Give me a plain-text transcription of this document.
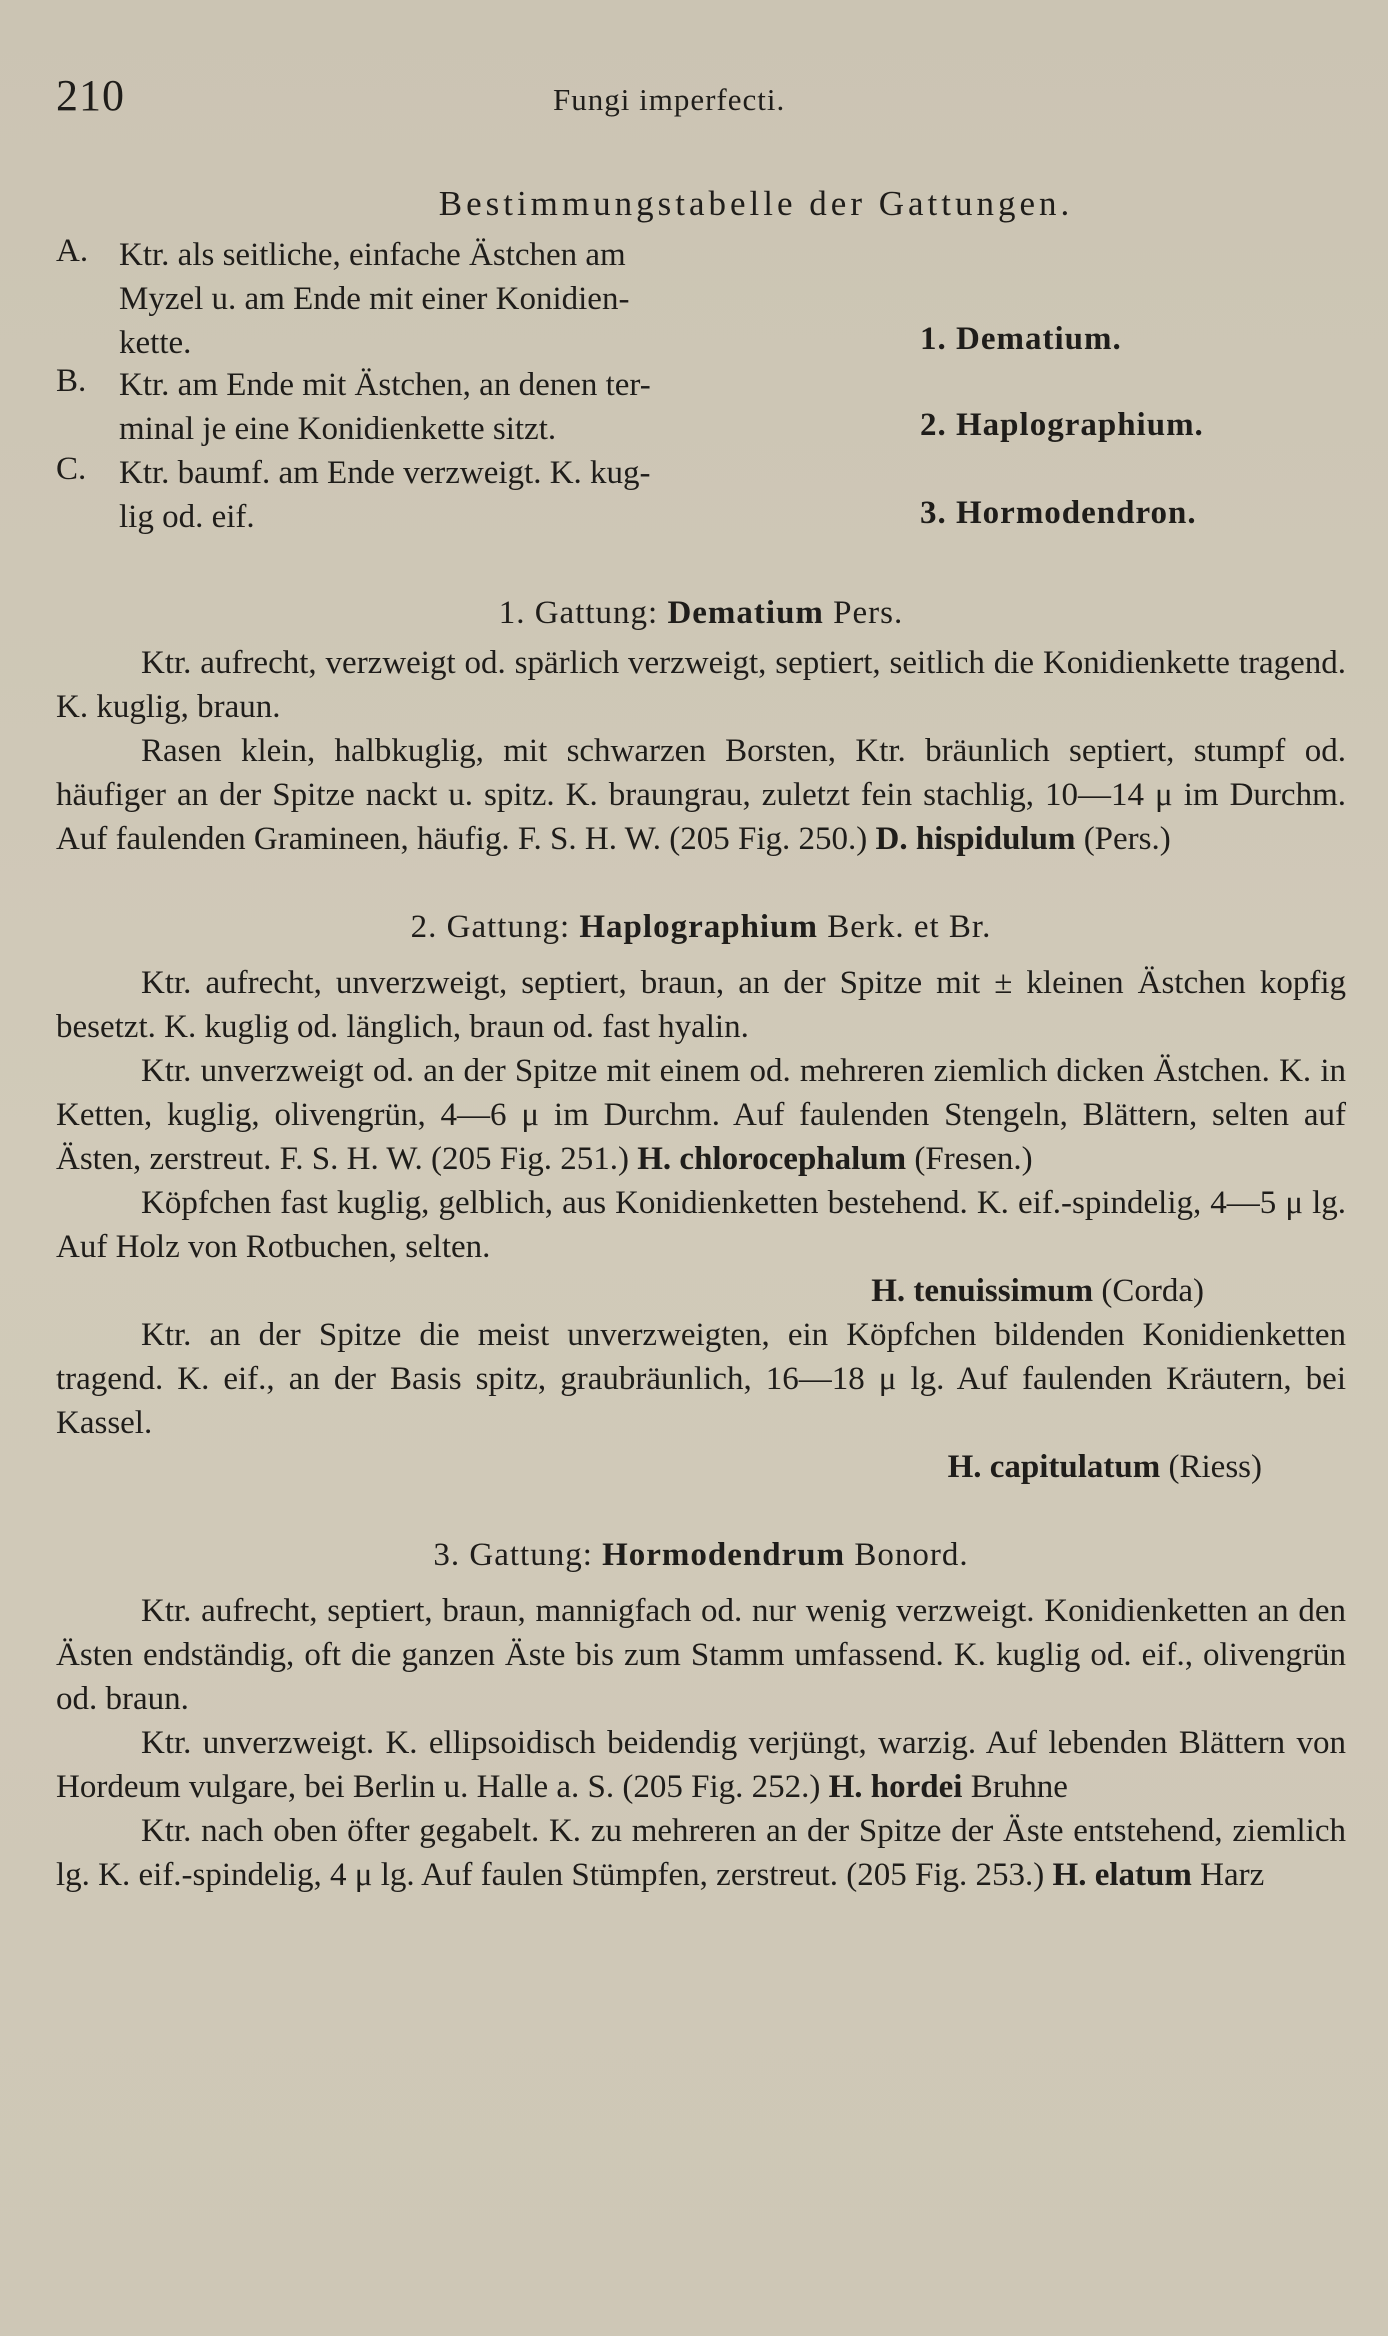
210	Fungi imperfecti.
Bestimmungstabelle der Gattungen.
A. Ktr. als seitliche, einfache Ästchen am
Myzel u. am Ende mit einer Konidien-
kette.	1. Dematium.
B. Ktr. am Ende mit Ästchen, an denen ter-
minal je eine Konidienkette sitzt.	2. Haplographium.
C. Ktr. baumf. am Ende verzweigt. K. kug-
lig od. eif.	3. Hormodendron.
1. Gattung: Dematium Pers.

Ktr. aufrecht, verzweigt od. spärlich verzweigt, septiert, seitlich die Konidienkette tragend. K. kuglig, braun.

Rasen klein, halbkuglig, mit schwarzen Borsten, Ktr. bräunlich septiert, stumpf od. häufiger an der Spitze nackt u. spitz. K. braungrau, zuletzt fein stachlig, 10—14 μ im Durchm. Auf faulenden Gramineen, häufig. F. S. H. W. (205 Fig. 250.) D. hispidulum (Pers.)

2. Gattung: Haplographium Berk. et Br.

Ktr. aufrecht, unverzweigt, septiert, braun, an der Spitze mit ± kleinen Ästchen kopfig besetzt. K. kuglig od. länglich, braun od. fast hyalin.

Ktr. unverzweigt od. an der Spitze mit einem od. mehreren ziemlich dicken Ästchen. K. in Ketten, kuglig, olivengrün, 4—6 μ im Durchm. Auf faulenden Stengeln, Blättern, selten auf Ästen, zerstreut. F. S. H. W. (205 Fig. 251.) H. chlorocephalum (Fresen.)

Köpfchen fast kuglig, gelblich, aus Konidienketten bestehend. K. eif.-spindelig, 4—5 μ lg. Auf Holz von Rotbuchen, selten.

H. tenuissimum (Corda)

Ktr. an der Spitze die meist unverzweigten, ein Köpfchen bildenden Konidienketten tragend. K. eif., an der Basis spitz, graubräunlich, 16—18 μ lg. Auf faulenden Kräutern, bei Kassel.

H. capitulatum (Riess)
3. Gattung: Hormodendrum Bonord.

Ktr. aufrecht, septiert, braun, mannigfach od. nur wenig verzweigt. Konidienketten an den Ästen endständig, oft die ganzen Äste bis zum Stamm umfassend. K. kuglig od. eif., olivengrün od. braun.

Ktr. unverzweigt. K. ellipsoidisch beidendig verjüngt, warzig. Auf lebenden Blättern von Hordeum vulgare, bei Berlin u. Halle a. S. (205 Fig. 252.) H. hordei Bruhne

Ktr. nach oben öfter gegabelt. K. zu mehreren an der Spitze der Äste entstehend, ziemlich lg. K. eif.-spindelig, 4 μ lg. Auf faulen Stümpfen, zerstreut. (205 Fig. 253.) H. elatum Harz
